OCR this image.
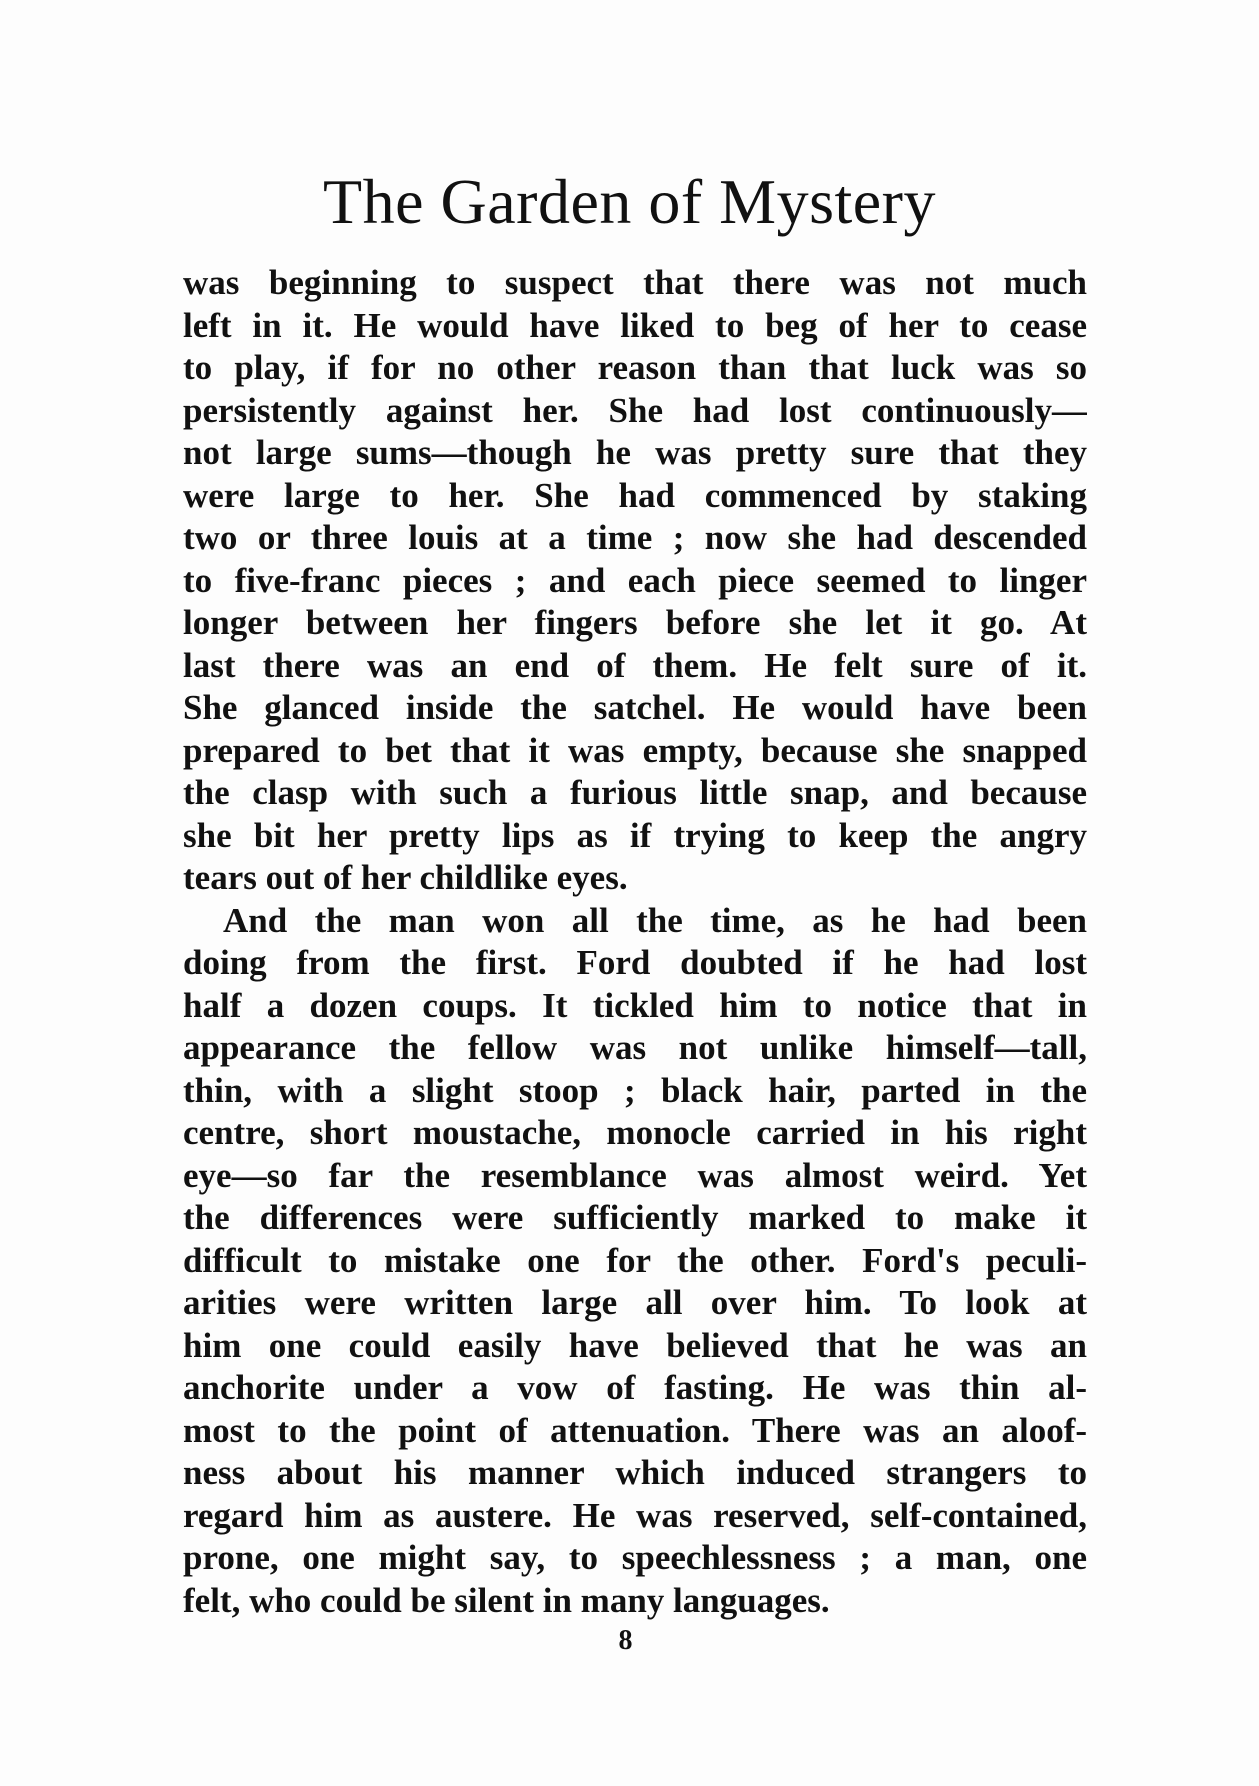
The Garden of Mystery
was beginning to suspect that there was not much
left in it. He would have liked to beg of her to cease
to play, if for no other reason than that luck was so
persistently against her. She had lost continuously—
not large sums—though he was pretty sure that they
were large to her. She had commenced by staking
two or three louis at a time ; now she had descended
to five-franc pieces ; and each piece seemed to linger
longer between her fingers before she let it go. At
last there was an end of them. He felt sure of it.
She glanced inside the satchel. He would have been
prepared to bet that it was empty, because she snapped
the clasp with such a furious little snap, and because
she bit her pretty lips as if trying to keep the angry
tears out of her childlike eyes.
And the man won all the time, as he had been
doing from the first. Ford doubted if he had lost
half a dozen coups. It tickled him to notice that in
appearance the fellow was not unlike himself—tall,
thin, with a slight stoop ; black hair, parted in the
centre, short moustache, monocle carried in his right
eye—so far the resemblance was almost weird. Yet
the differences were sufficiently marked to make it
difficult to mistake one for the other. Ford's peculi-
arities were written large all over him. To look at
him one could easily have believed that he was an
anchorite under a vow of fasting. He was thin al-
most to the point of attenuation. There was an aloof-
ness about his manner which induced strangers to
regard him as austere. He was reserved, self-contained,
prone, one might say, to speechlessness ; a man, one
felt, who could be silent in many languages.
8
